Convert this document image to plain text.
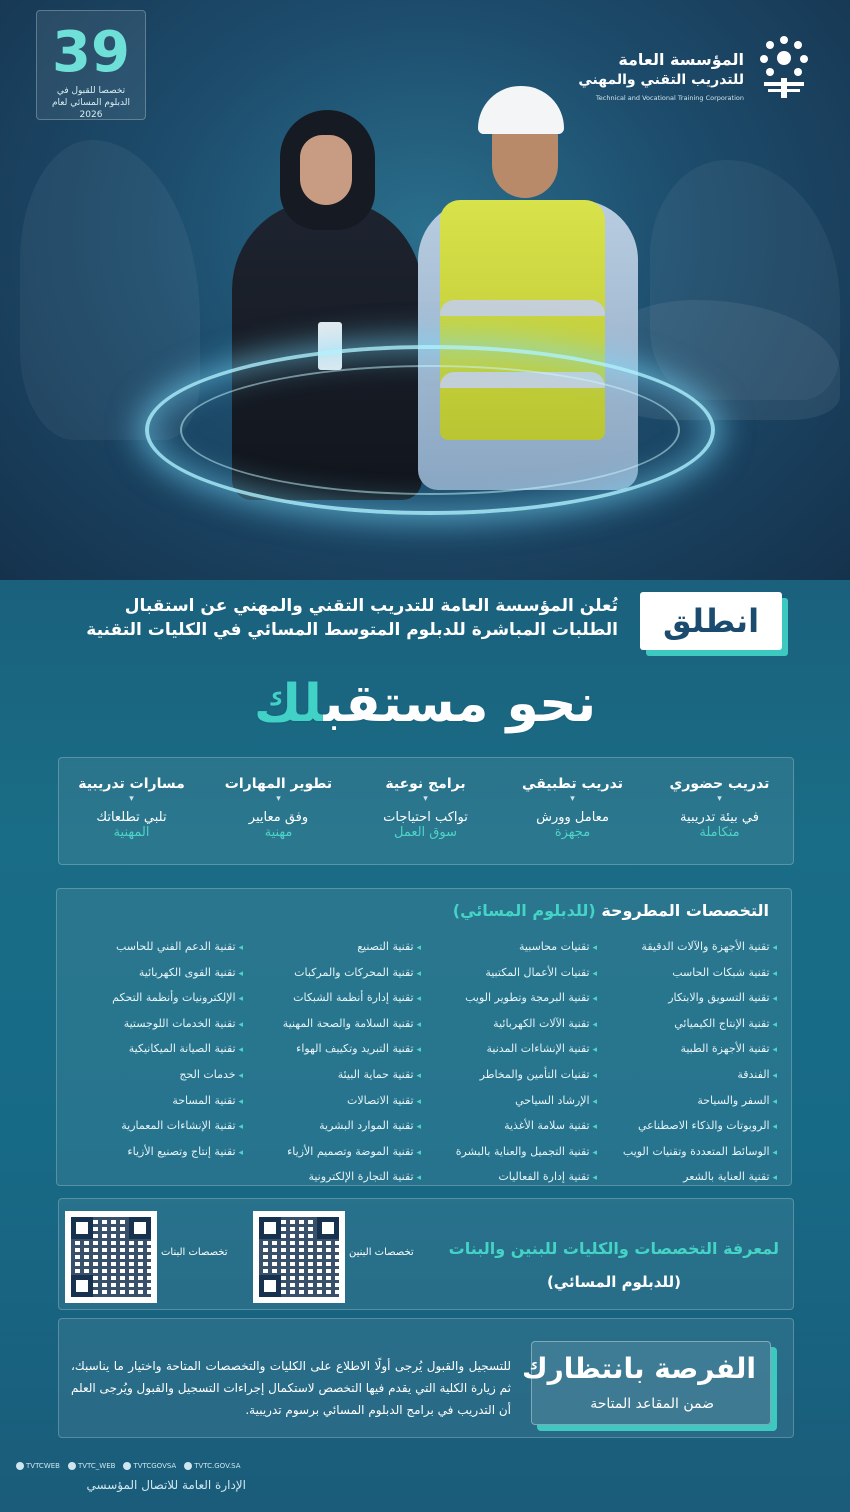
39
تخصصا للقبول في الدبلوم المسائي لعام 2026
المؤسسة العامة
للتدريب التقني والمهني
Technical and Vocational Training Corporation
انطلق
تُعلن المؤسسة العامة للتدريب التقني والمهني عن استقبال
الطلبات المباشرة للدبلوم المتوسط المسائي في الكليات التقنية
نحو مستقبلك
تدريب حضوري
▾
في بيئة تدريبية
متكاملة
تدريب تطبيقي
▾
معامل وورش
مجهزة
برامج نوعية
▾
تواكب احتياجات
سوق العمل
تطوير المهارات
▾
وفق معايير
مهنية
مسارات تدريبية
▾
تلبي تطلعاتك
المهنية
التخصصات المطروحة (للدبلوم المسائي)
◂ تقنية الأجهزة والآلات الدقيقة
◂ تقنية شبكات الحاسب
◂ تقنية التسويق والابتكار
◂ تقنية الإنتاج الكيميائي
◂ تقنية الأجهزة الطبية
◂ الفندقة
◂ السفر والسياحة
◂ الروبوتات والذكاء الاصطناعي
◂ الوسائط المتعددة وتقنيات الويب
◂ تقنية العناية بالشعر
◂ تقنيات محاسبية
◂ تقنيات الأعمال المكتبية
◂ تقنية البرمجة وتطوير الويب
◂ تقنية الآلات الكهربائية
◂ تقنية الإنشاءات المدنية
◂ تقنيات التأمين والمخاطر
◂ الإرشاد السياحي
◂ تقنية سلامة الأغذية
◂ تقنية التجميل والعناية بالبشرة
◂ تقنية إدارة الفعاليات
◂ تقنية التصنيع
◂ تقنية المحركات والمركبات
◂ تقنية إدارة أنظمة الشبكات
◂ تقنية السلامة والصحة المهنية
◂ تقنية التبريد وتكييف الهواء
◂ تقنية حماية البيئة
◂ تقنية الاتصالات
◂ تقنية الموارد البشرية
◂ تقنية الموضة وتصميم الأزياء
◂ تقنية التجارة الإلكترونية
◂ تقنية الدعم الفني للحاسب
◂ تقنية القوى الكهربائية
◂ الإلكترونيات وأنظمة التحكم
◂ تقنية الخدمات اللوجستية
◂ تقنية الصيانة الميكانيكية
◂ خدمات الحج
◂ تقنية المساحة
◂ تقنية الإنشاءات المعمارية
◂ تقنية إنتاج وتصنيع الأزياء
لمعرفة التخصصات والكليات للبنين والبنات
(للدبلوم المسائي)
تخصصات البنين
تخصصات البنات
الفرصة بانتظارك
ضمن المقاعد المتاحة
للتسجيل والقبول يُرجى أولًا الاطلاع على الكليات والتخصصات المتاحة واختيار ما يناسبك، ثم زيارة الكلية التي يقدم فيها التخصص لاستكمال إجراءات التسجيل والقبول ويُرجى العلم أن التدريب في برامج الدبلوم المسائي برسوم تدريبية.
TVTCWEB	TVTC_WEB	TVTCGOVSA	TVTC.GOV.SA
الإدارة العامة للاتصال المؤسسي
